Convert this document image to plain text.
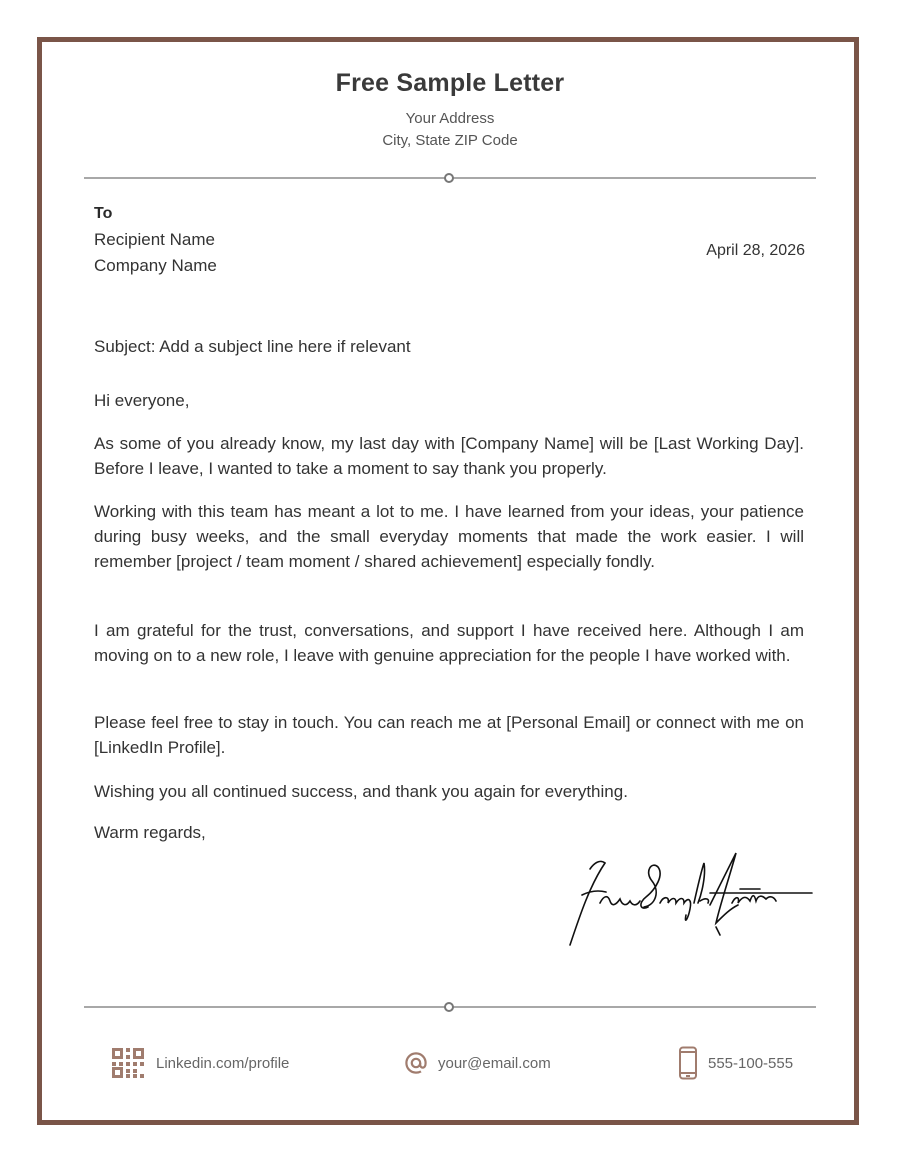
Free Sample Letter
Your Address
City, State ZIP Code
To
Recipient Name
Company Name
April 28, 2026
Subject: Add a subject line here if relevant
Hi everyone,

As some of you already know, my last day with [Company Name] will be [Last Working Day]. Before I leave, I wanted to take a moment to say thank you properly.

Working with this team has meant a lot to me. I have learned from your ideas, your patience during busy weeks, and the small everyday moments that made the work easier. I will remember [project / team moment / shared achievement] especially fondly.

I am grateful for the trust, conversations, and support I have received here. Although I am moving on to a new role, I leave with genuine appreciation for the people I have worked with.

Please feel free to stay in touch. You can reach me at [Personal Email] or connect with me on [LinkedIn Profile].

Wishing you all continued success, and thank you again for everything.

Warm regards,
Linkedin.com/profile	your@email.com	555-100-555
